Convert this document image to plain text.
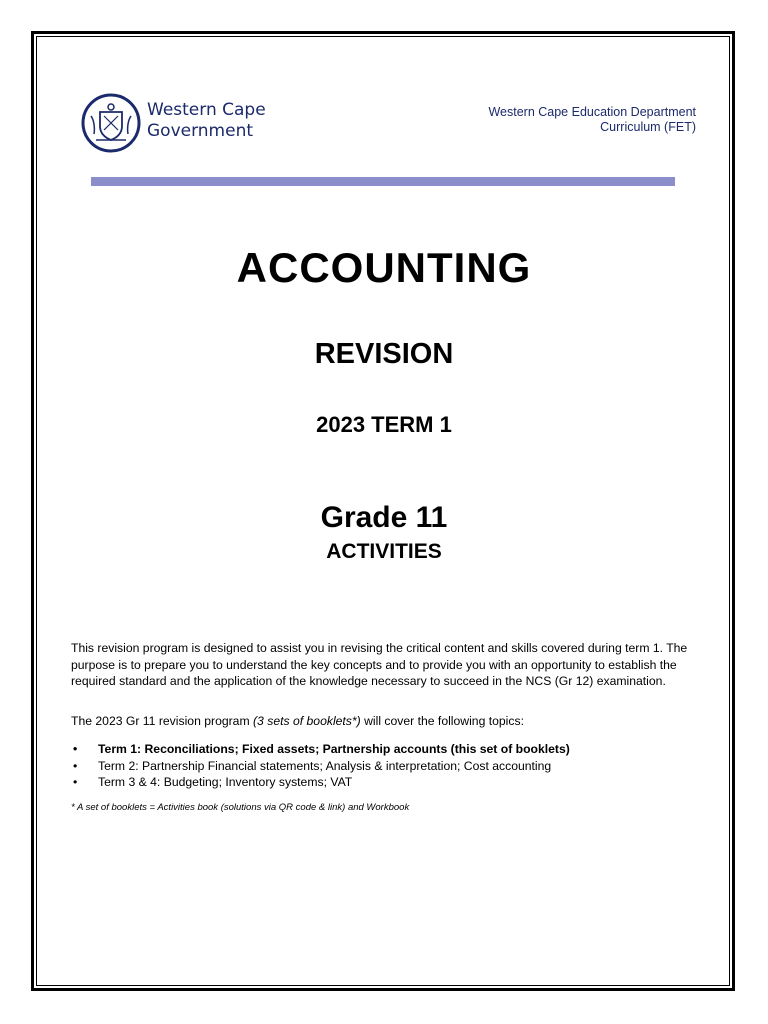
Western Cape
Government
Western Cape Education Department
Curriculum (FET)
ACCOUNTING
REVISION
2023 TERM 1
Grade 11
ACTIVITIES

This revision program is designed to assist you in revising the critical content and skills covered during term 1. The purpose is to prepare you to understand the key concepts and to provide you with an opportunity to establish the required standard and the application of the knowledge necessary to succeed in the NCS (Gr 12) examination.

The 2023 Gr 11 revision program (3 sets of booklets*) will cover the following topics:

• Term 1: Reconciliations; Fixed assets; Partnership accounts (this set of booklets)
• Term 2: Partnership Financial statements; Analysis & interpretation; Cost accounting
• Term 3 & 4: Budgeting; Inventory systems; VAT
* A set of booklets = Activities book (solutions via QR code & link) and Workbook
